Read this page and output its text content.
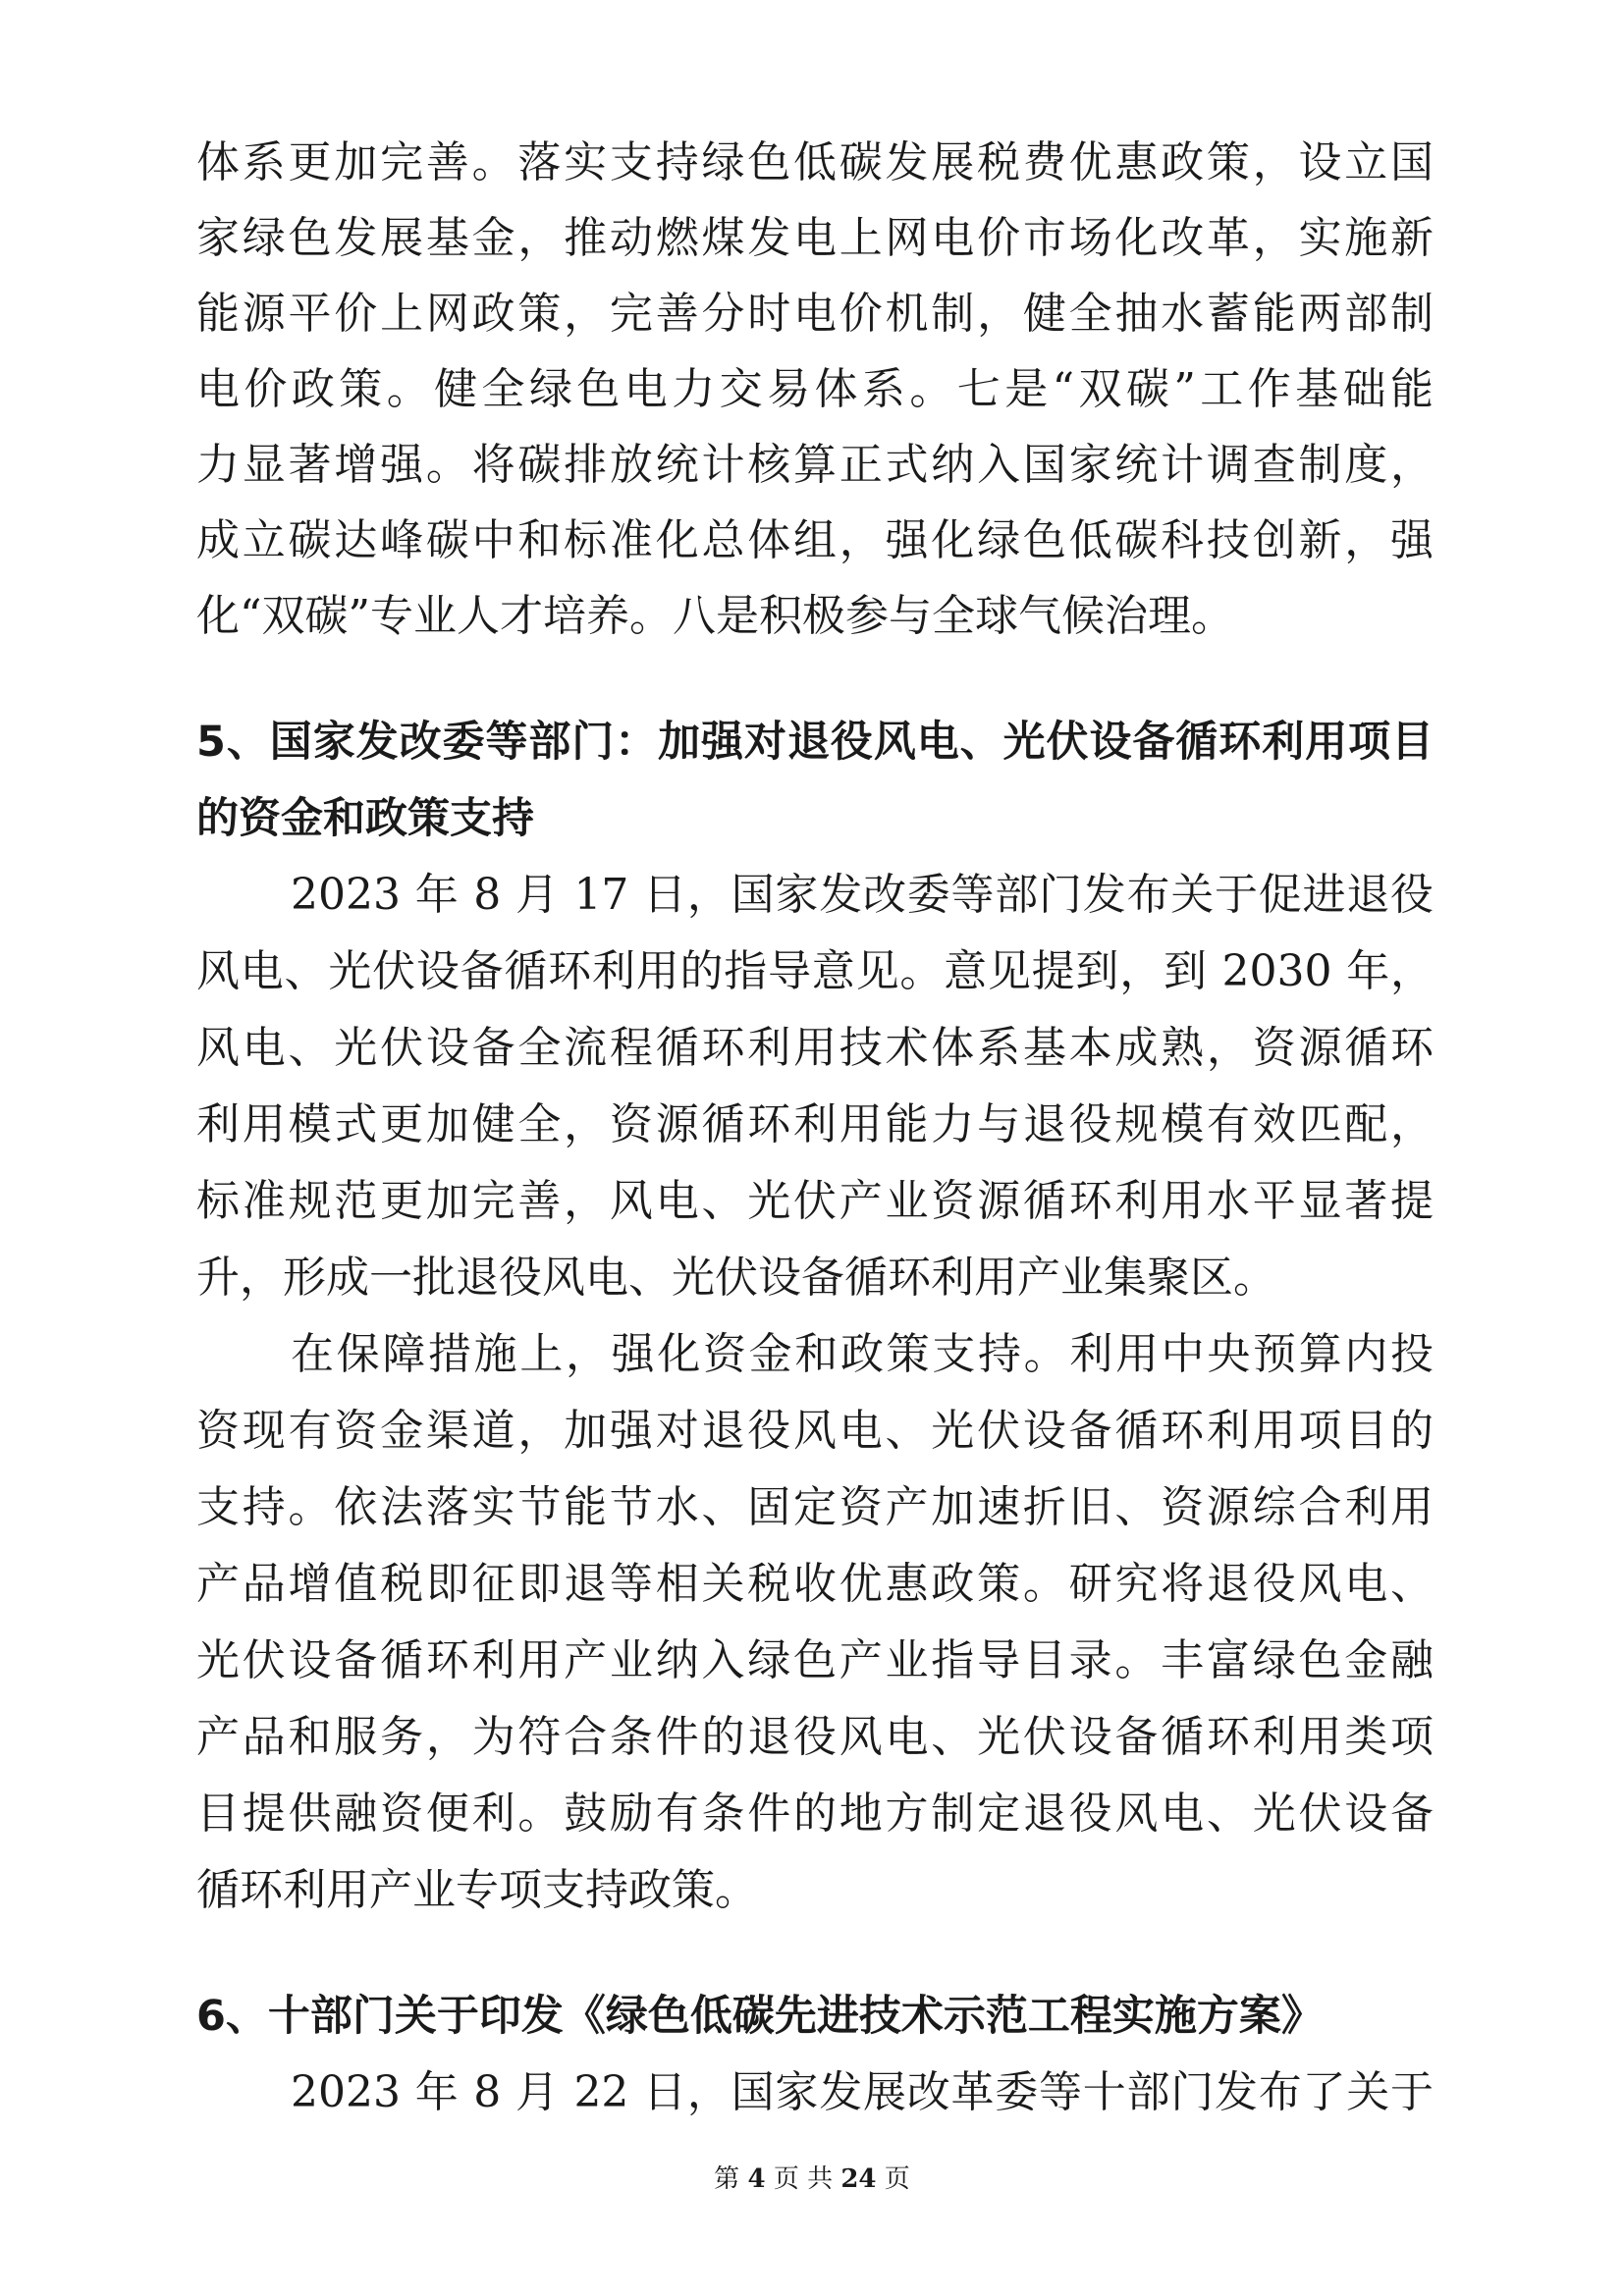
体系更加完善。落实支持绿色低碳发展税费优惠政策，设立国
家绿色发展基金，推动燃煤发电上网电价市场化改革，实施新
能源平价上网政策，完善分时电价机制，健全抽水蓄能两部制
电价政策。健全绿色电力交易体系。七是“双碳”工作基础能
力显著增强。将碳排放统计核算正式纳入国家统计调查制度，
成立碳达峰碳中和标准化总体组，强化绿色低碳科技创新，强
化“双碳”专业人才培养。八是积极参与全球气候治理。
5、国家发改委等部门：加强对退役风电、光伏设备循环利用项目
的资金和政策支持
2023 年 8 月 17 日，国家发改委等部门发布关于促进退役
风电、光伏设备循环利用的指导意见。意见提到，到 2030 年，
风电、光伏设备全流程循环利用技术体系基本成熟，资源循环
利用模式更加健全，资源循环利用能力与退役规模有效匹配，
标准规范更加完善，风电、光伏产业资源循环利用水平显著提
升，形成一批退役风电、光伏设备循环利用产业集聚区。
在保障措施上，强化资金和政策支持。利用中央预算内投
资现有资金渠道，加强对退役风电、光伏设备循环利用项目的
支持。依法落实节能节水、固定资产加速折旧、资源综合利用
产品增值税即征即退等相关税收优惠政策。研究将退役风电、
光伏设备循环利用产业纳入绿色产业指导目录。丰富绿色金融
产品和服务，为符合条件的退役风电、光伏设备循环利用类项
目提供融资便利。鼓励有条件的地方制定退役风电、光伏设备
循环利用产业专项支持政策。
6、十部门关于印发《绿色低碳先进技术示范工程实施方案》
2023 年 8 月 22 日，国家发展改革委等十部门发布了关于
第 4 页 共 24 页
